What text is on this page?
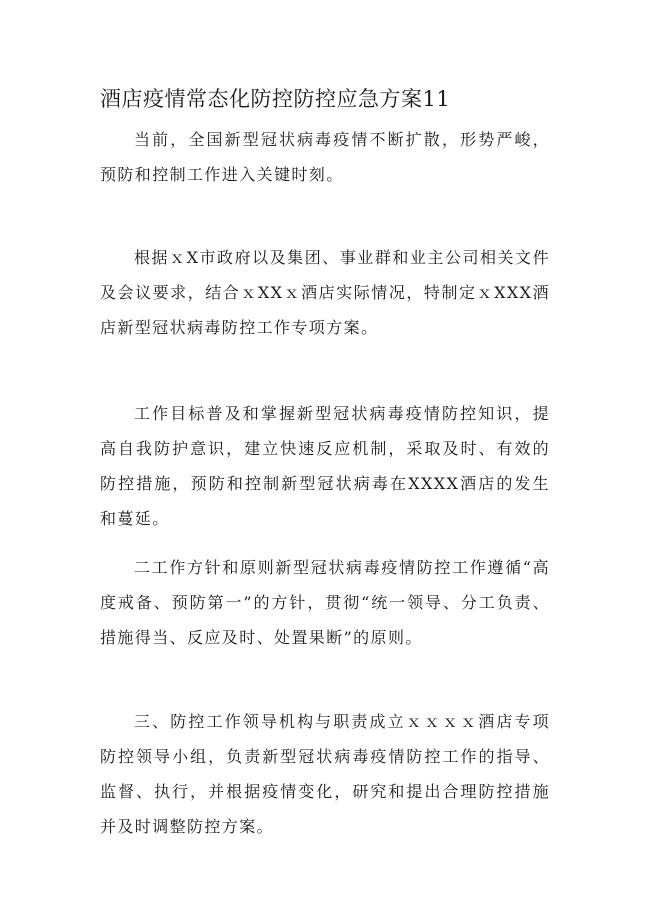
酒店疫情常态化防控防控应急方案11

当前，全国新型冠状病毒疫情不断扩散，形势严峻，预防和控制工作进入关键时刻。

根据ｘX市政府以及集团、事业群和业主公司相关文件及会议要求，结合ｘXXｘ酒店实际情况，特制定ｘXXX酒店新型冠状病毒防控工作专项方案。

工作目标普及和掌握新型冠状病毒疫情防控知识，提高自我防护意识，建立快速反应机制，采取及时、有效的防控措施，预防和控制新型冠状病毒在XXXX酒店的发生和蔓延。

二工作方针和原则新型冠状病毒疫情防控工作遵循“高度戒备、预防第一”的方针，贯彻“统一领导、分工负责、措施得当、反应及时、处置果断”的原则。

三、防控工作领导机构与职责成立ｘｘｘｘ酒店专项防控领导小组，负责新型冠状病毒疫情防控工作的指导、监督、执行，并根据疫情变化，研究和提出合理防控措施并及时调整防控方案。
